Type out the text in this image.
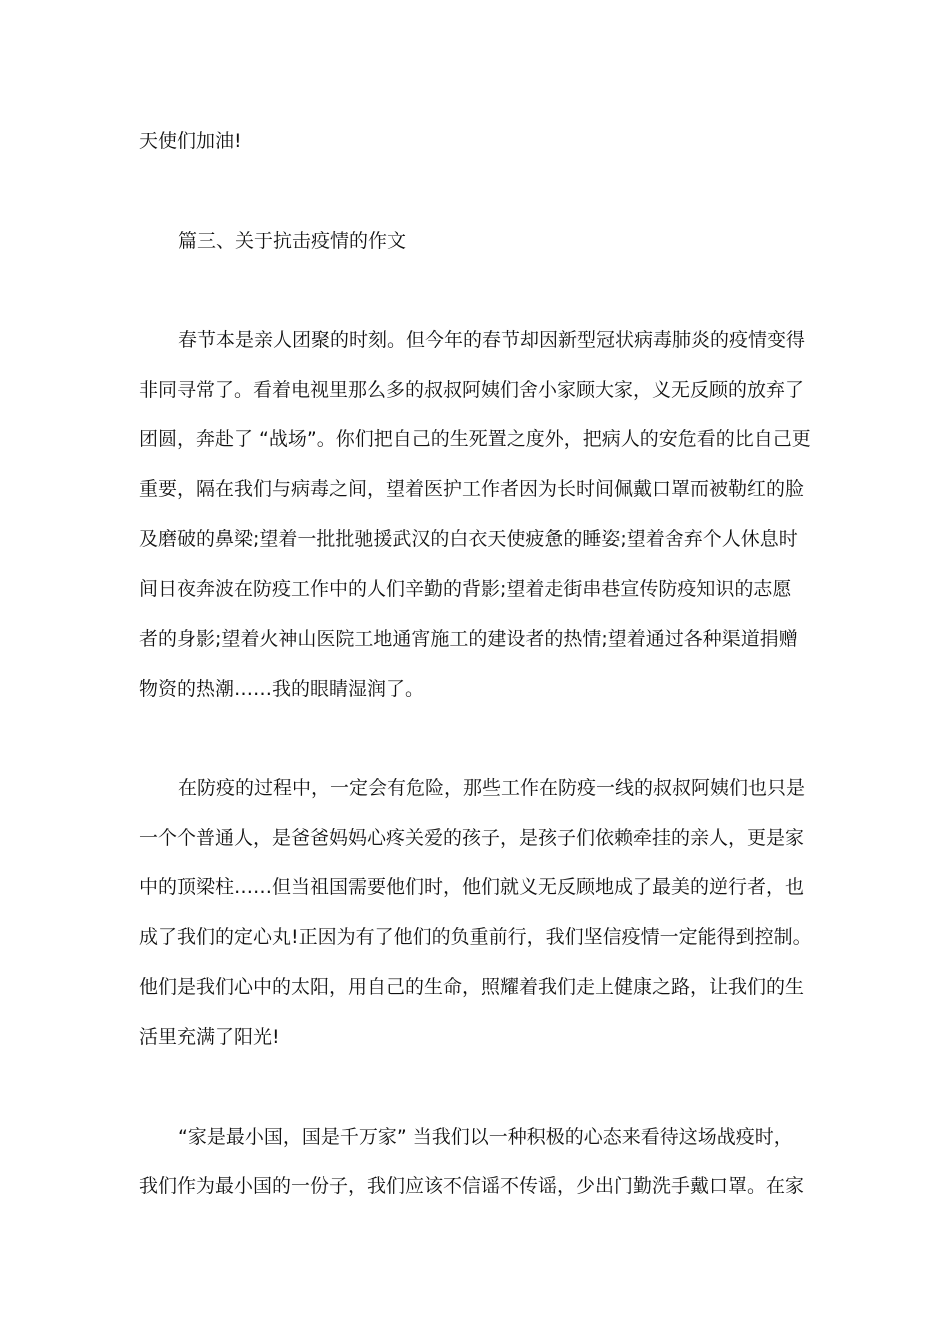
天使们加油!
篇三、关于抗击疫情的作文
春节本是亲人团聚的时刻。但今年的春节却因新型冠状病毒肺炎的疫情变得
非同寻常了。看着电视里那么多的叔叔阿姨们舍小家顾大家，义无反顾的放弃了
团圆，奔赴了 “战场”。你们把自己的生死置之度外，把病人的安危看的比自己更
重要，隔在我们与病毒之间，望着医护工作者因为长时间佩戴口罩而被勒红的脸
及磨破的鼻梁;望着一批批驰援武汉的白衣天使疲惫的睡姿;望着舍弃个人休息时
间日夜奔波在防疫工作中的人们辛勤的背影;望着走街串巷宣传防疫知识的志愿
者的身影;望着火神山医院工地通宵施工的建设者的热情;望着通过各种渠道捐赠
物资的热潮……我的眼睛湿润了。
在防疫的过程中，一定会有危险，那些工作在防疫一线的叔叔阿姨们也只是
一个个普通人，是爸爸妈妈心疼关爱的孩子，是孩子们依赖牵挂的亲人，更是家
中的顶梁柱……但当祖国需要他们时，他们就义无反顾地成了最美的逆行者，也
成了我们的定心丸!正因为有了他们的负重前行，我们坚信疫情一定能得到控制。
他们是我们心中的太阳，用自己的生命，照耀着我们走上健康之路，让我们的生
活里充满了阳光!
“家是最小国，国是千万家” 当我们以一种积极的心态来看待这场战疫时，
我们作为最小国的一份子，我们应该不信谣不传谣，少出门勤洗手戴口罩。在家
